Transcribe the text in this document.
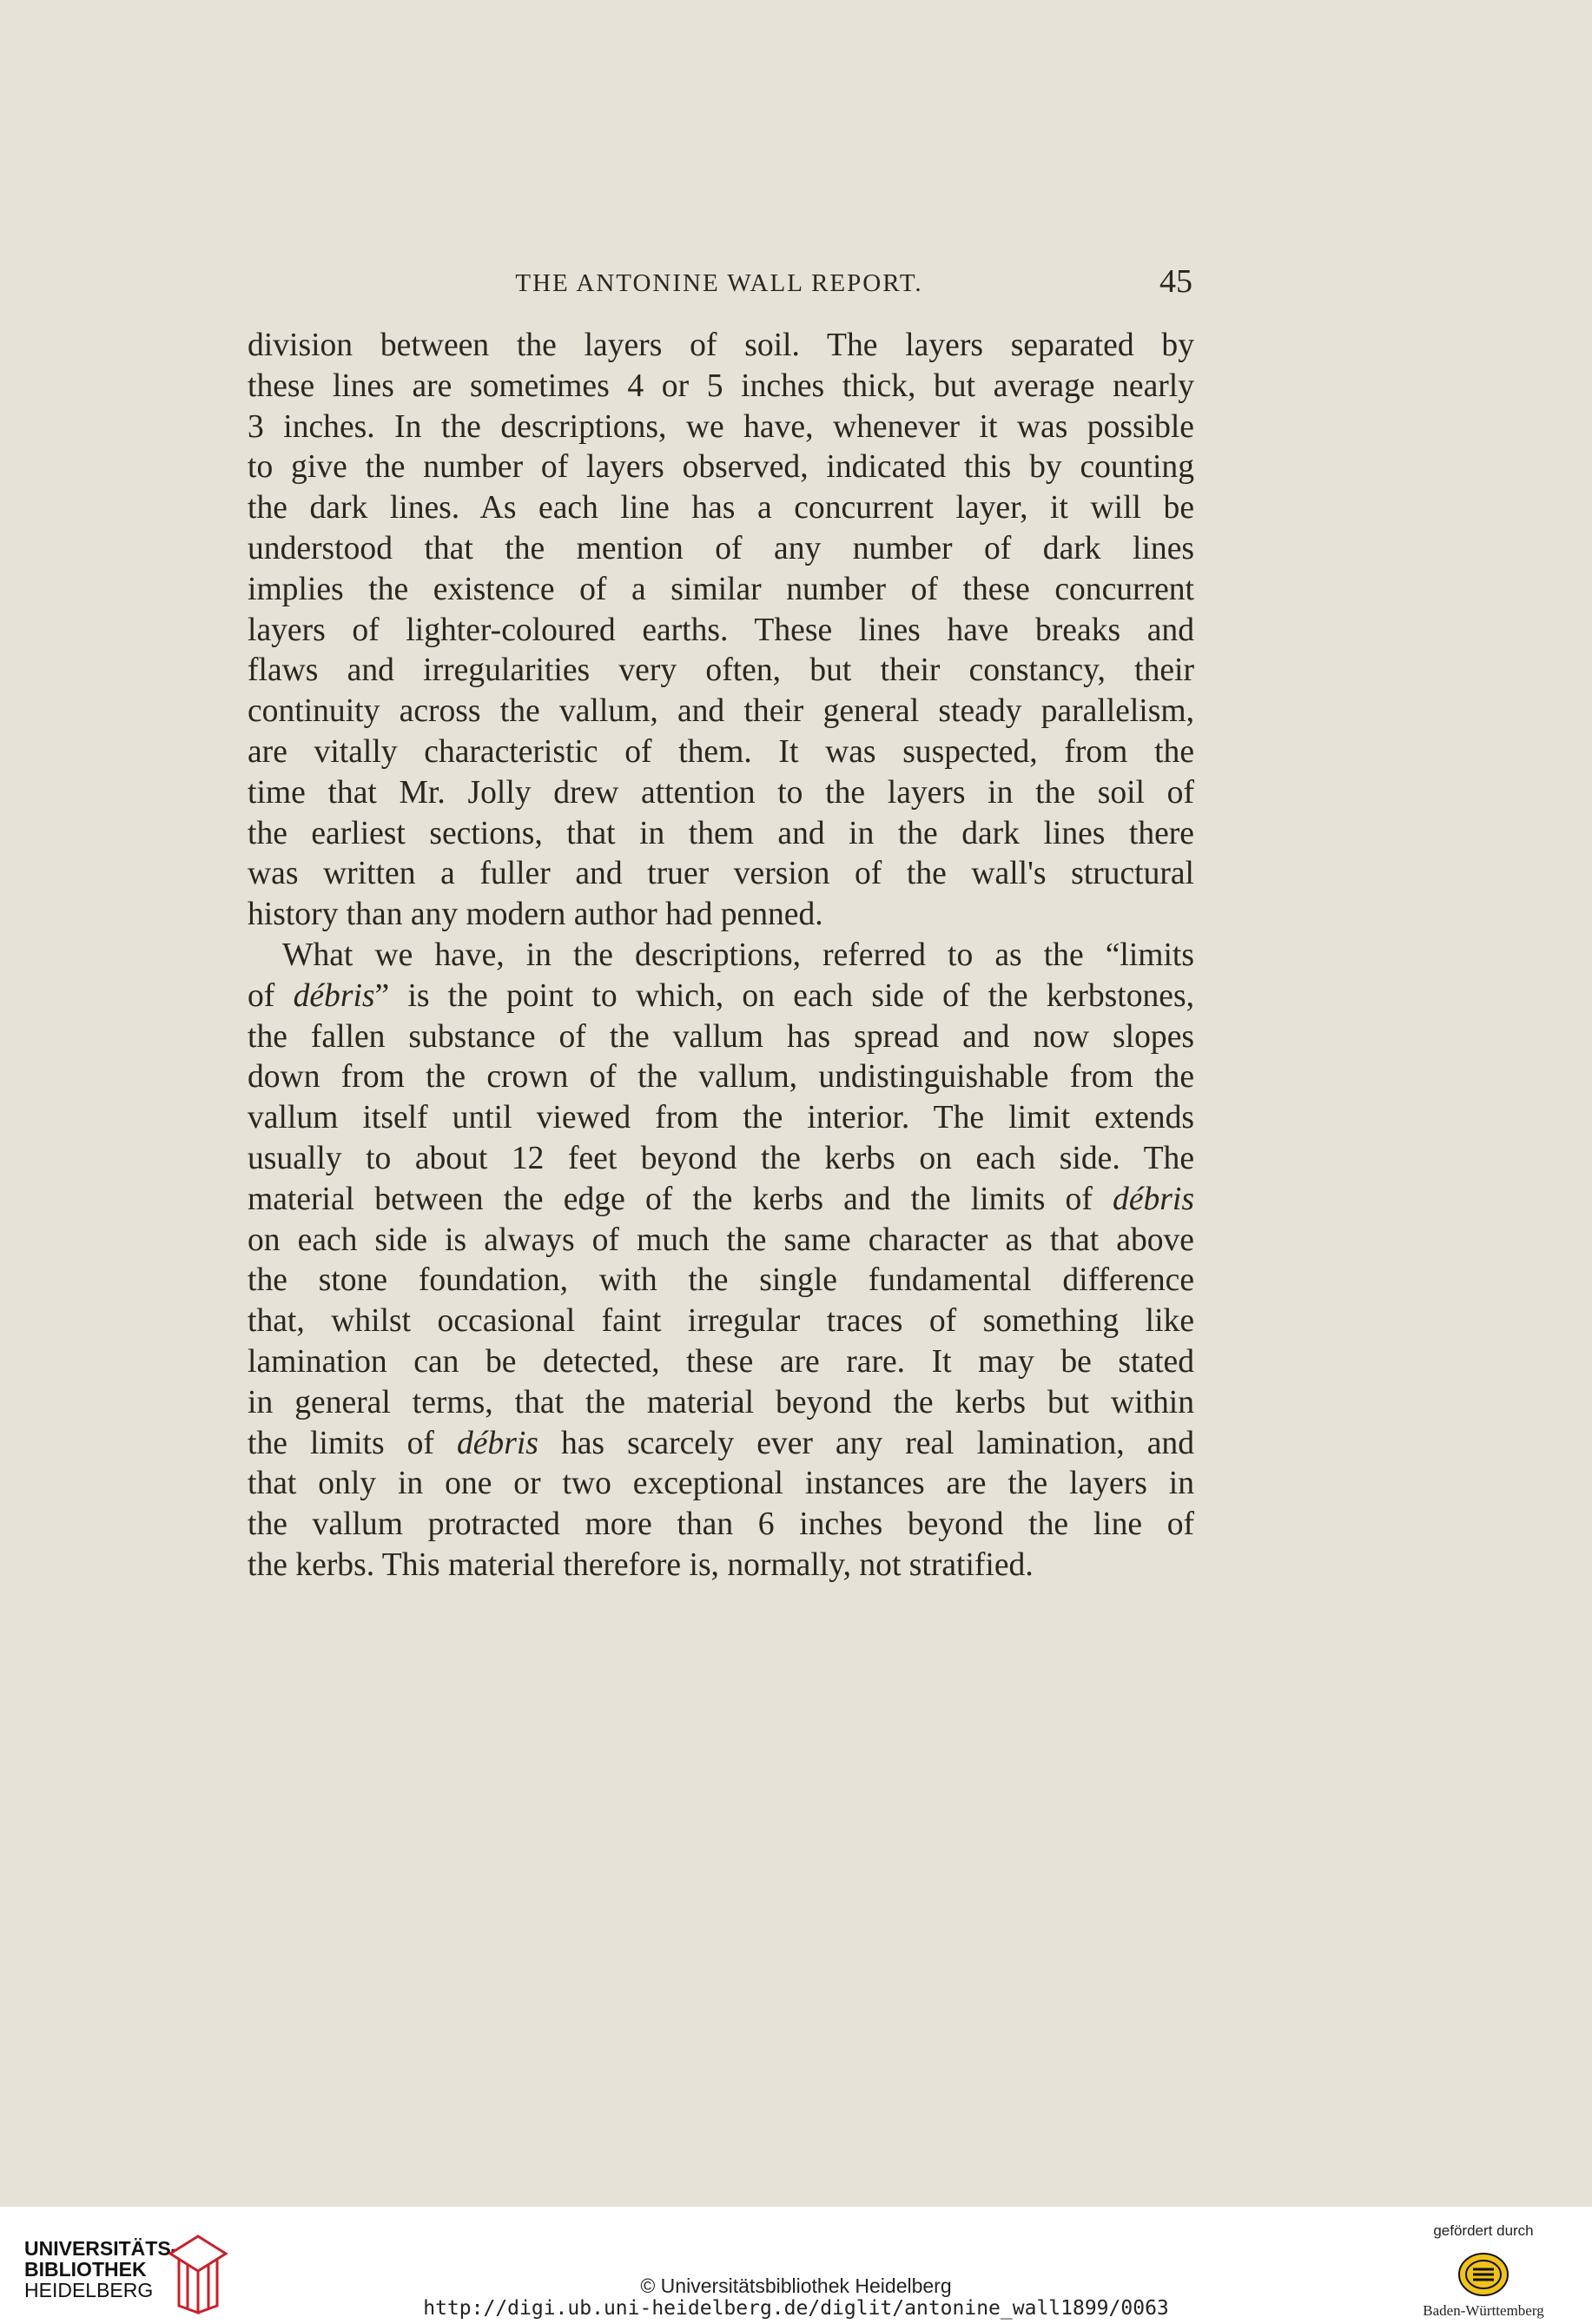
THE ANTONINE WALL REPORT.	45

division between the layers of soil. The layers separated by
these lines are sometimes 4 or 5 inches thick, but average nearly
3 inches. In the descriptions, we have, whenever it was possible
to give the number of layers observed, indicated this by counting
the dark lines. As each line has a concurrent layer, it will be
understood that the mention of any number of dark lines
implies the existence of a similar number of these concurrent
layers of lighter-coloured earths. These lines have breaks and
flaws and irregularities very often, but their constancy, their
continuity across the vallum, and their general steady parallelism,
are vitally characteristic of them. It was suspected, from the
time that Mr. Jolly drew attention to the layers in the soil of
the earliest sections, that in them and in the dark lines there
was written a fuller and truer version of the wall's structural
history than any modern author had penned.

What we have, in the descriptions, referred to as the “limits
of débris” is the point to which, on each side of the kerbstones,
the fallen substance of the vallum has spread and now slopes
down from the crown of the vallum, undistinguishable from the
vallum itself until viewed from the interior. The limit extends
usually to about 12 feet beyond the kerbs on each side. The
material between the edge of the kerbs and the limits of débris
on each side is always of much the same character as that above
the stone foundation, with the single fundamental difference
that, whilst occasional faint irregular traces of something like
lamination can be detected, these are rare. It may be stated
in general terms, that the material beyond the kerbs but within
the limits of débris has scarcely ever any real lamination, and
that only in one or two exceptional instances are the layers in
the vallum protracted more than 6 inches beyond the line of
the kerbs. This material therefore is, normally, not stratified.

UNIVERSITÄTS-
BIBLIOTHEK
HEIDELBERG	© Universitätsbibliothek Heidelberg
http://digi.ub.uni-heidelberg.de/diglit/antonine_wall1899/0063
gefördert durch
Baden-Württemberg
